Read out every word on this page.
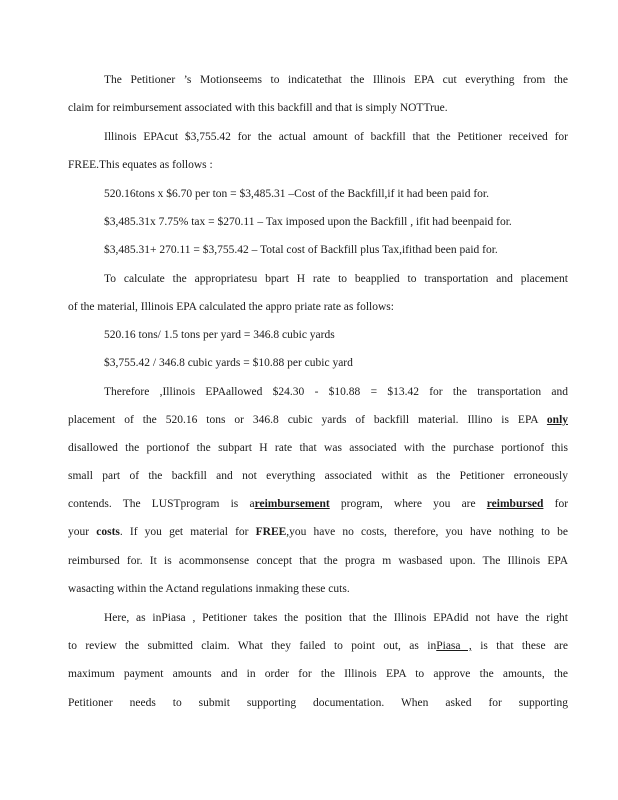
The Petitioner ’s Motionseems to indicatethat the Illinois EPA cut everything from the
claim for reimbursement associated with this backfill and that is simply NOTTrue.
Illinois EPAcut $3,755.42 for the actual amount of backfill that the Petitioner received for
FREE.This equates as follows :
520.16tons x $6.70 per ton = $3,485.31 –Cost of the Backfill,if it had been paid for.
$3,485.31x 7.75% tax = $270.11 – Tax imposed upon the Backfill , ifit had beenpaid for.
$3,485.31+ 270.11 = $3,755.42 – Total cost of Backfill plus Tax,ifithad been paid for.
To calculate the appropriatesu bpart H rate to beapplied to transportation and placement
of the material, Illinois EPA calculated the appro priate rate as follows:
520.16 tons/ 1.5 tons per yard = 346.8 cubic yards
$3,755.42 / 346.8 cubic yards = $10.88 per cubic yard
Therefore ,Illinois EPAallowed $24.30 - $10.88 = $13.42 for the transportation and
placement of the 520.16 tons or 346.8 cubic yards of backfill material. Illino is EPA only
disallowed the portionof the subpart H rate that was associated with the purchase portionof this
small part of the backfill and not everything associated withit as the Petitioner erroneously
contends. The LUSTprogram is areimbursement program, where you are reimbursed for
your costs. If you get material for FREE,you have no costs, therefore, you have nothing to be
reimbursed for. It is acommonsense concept that the progra m wasbased upon. The Illinois EPA
wasacting within the Actand regulations inmaking these cuts.
Here, as inPiasa , Petitioner takes the position that the Illinois EPAdid not have the right
to review the submitted claim. What they failed to point out, as inPiasa , is that these are
maximum payment amounts and in order for the Illinois EPA to approve the amounts, the
Petitioner needs to submit supporting documentation. When asked for supporting
